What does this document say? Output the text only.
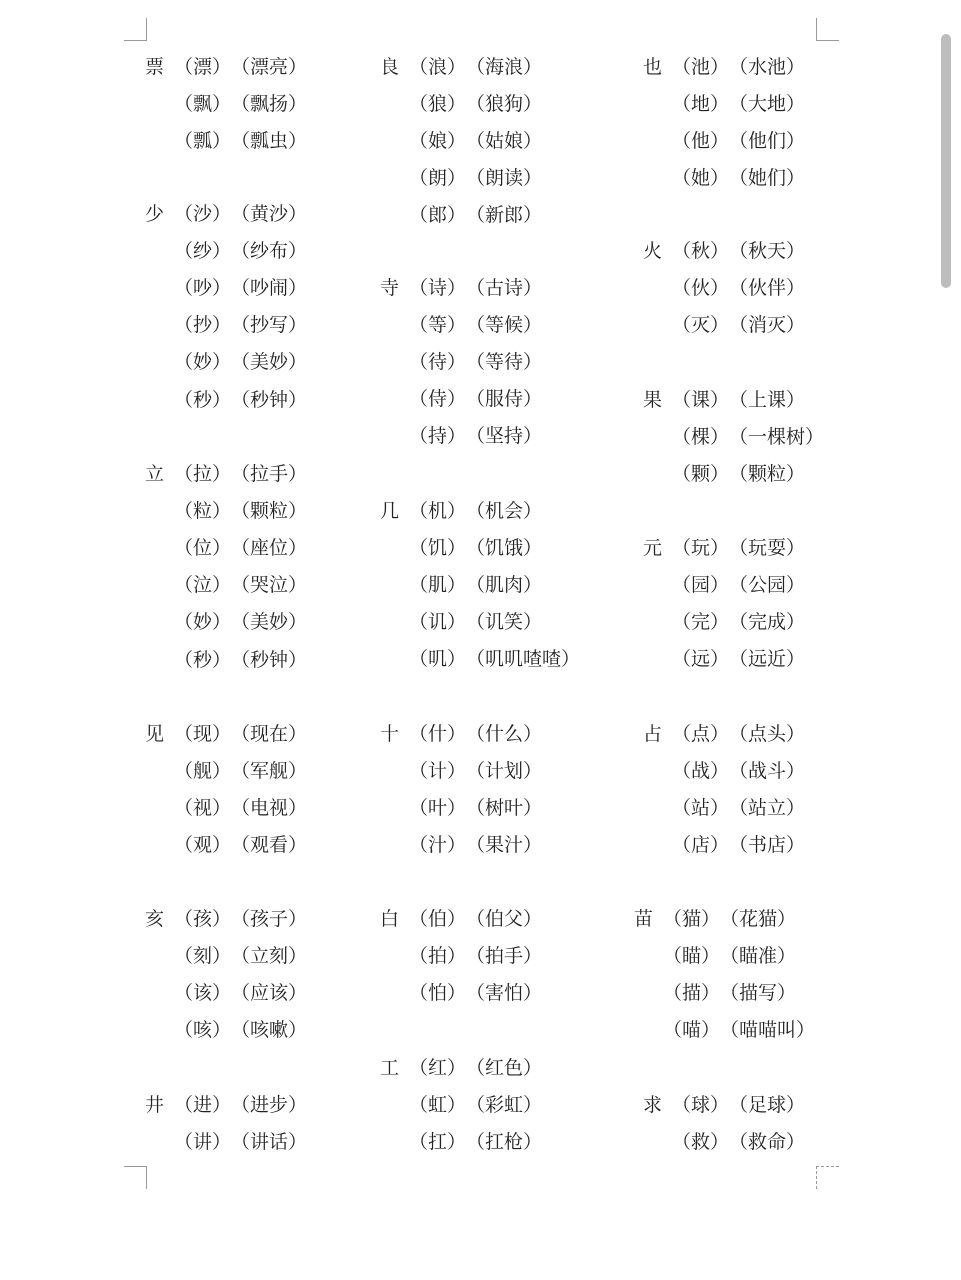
票 （漂） （漂亮）
（飘） （飘扬）
（瓢） （瓢虫）
少 （沙） （黄沙）
（纱） （纱布）
（吵） （吵闹）
（抄） （抄写）
（妙） （美妙）
（秒） （秒钟）
立 （拉） （拉手）
（粒） （颗粒）
（位） （座位）
（泣） （哭泣）
（妙） （美妙）
（秒） （秒钟）
见 （现） （现在）
（舰） （军舰）
（视） （电视）
（观） （观看）
亥 （孩） （孩子）
（刻） （立刻）
（该） （应该）
（咳） （咳嗽）
井 （进） （进步）
（讲） （讲话）
良 （浪） （海浪）
（狼） （狼狗）
（娘） （姑娘）
（朗） （朗读）
（郎） （新郎）
寺 （诗） （古诗）
（等） （等候）
（待） （等待）
（侍） （服侍）
（持） （坚持）
几 （机） （机会）
（饥） （饥饿）
（肌） （肌肉）
（讥） （讥笑）
（叽） （叽叽喳喳）
十 （什） （什么）
（计） （计划）
（叶） （树叶）
（汁） （果汁）
白 （伯） （伯父）
（拍） （拍手）
（怕） （害怕）
工 （红） （红色）
（虹） （彩虹）
（扛） （扛枪）
也 （池） （水池）
（地） （大地）
（他） （他们）
（她） （她们）
火 （秋） （秋天）
（伙） （伙伴）
（灭） （消灭）
果 （课） （上课）
（棵） （一棵树）
（颗） （颗粒）
元 （玩） （玩耍）
（园） （公园）
（完） （完成）
（远） （远近）
占 （点） （点头）
（战） （战斗）
（站） （站立）
（店） （书店）
苗 （猫） （花猫）
（瞄） （瞄准）
（描） （描写）
（喵） （喵喵叫）
求 （球） （足球）
（救） （救命）
